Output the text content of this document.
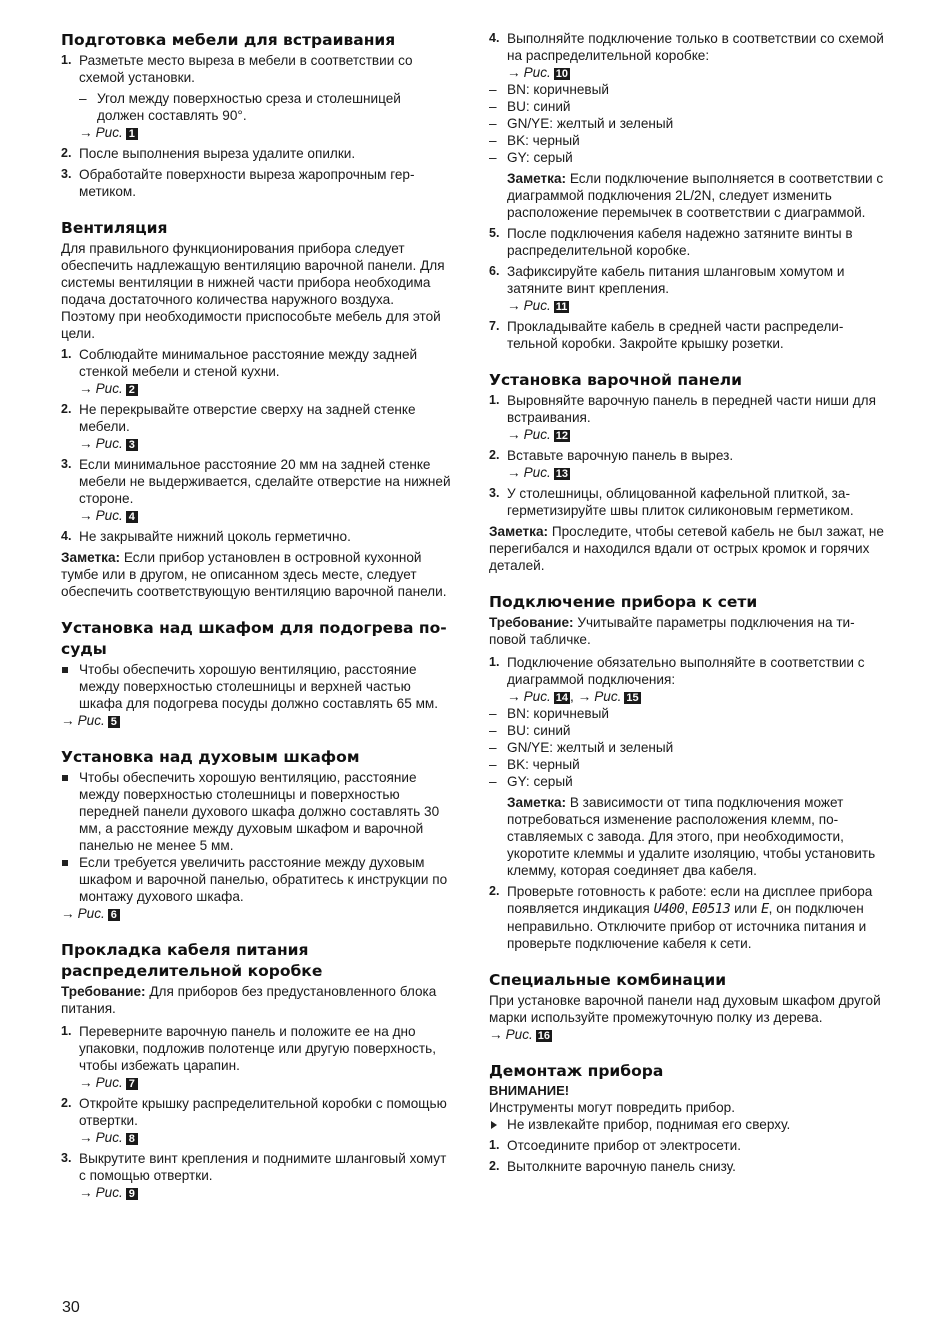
Подготовка мебели для встраивания
1. Разметьте место выреза в мебели в соответствии со схемой установки.
– Угол между поверхностью среза и столешницей должен составлять 90°.
→ Рис. 1
2. После выполнения выреза удалите опилки.
3. Обработайте поверхности выреза жаропрочным герметиком.
Вентиляция

Для правильного функционирования прибора следует обеспечить надлежащую вентиляцию варочной панели. Для системы вентиляции в нижней части прибора необходима подача достаточного количества наружного воздуха. Поэтому при необходимости приспособьте мебель для этой цели.

1. Соблюдайте минимальное расстояние между задней стенкой мебели и стеной кухни.
→ Рис. 2
2. Не перекрывайте отверстие сверху на задней стенке мебели.
→ Рис. 3
3. Если минимальное расстояние 20 мм на задней стенке мебели не выдерживается, сделайте отверстие на нижней стороне.
→ Рис. 4
4. Не закрывайте нижний цоколь герметично.

Заметка: Если прибор установлен в островной кухонной тумбе или в другом, не описанном здесь месте, следует обеспечить соответствующую вентиляцию варочной панели.

Установка над шкафом для подогрева посуды
Чтобы обеспечить хорошую вентиляцию, расстояние между поверхностью столешницы и верхней частью шкафа для подогрева посуды должно составлять 65 мм.
→ Рис. 5
Установка над духовым шкафом
Чтобы обеспечить хорошую вентиляцию, расстояние между поверхностью столешницы и поверхностью передней панели духового шкафа должно составлять 30 мм, а расстояние между духовым шкафом и варочной панелью не менее 5 мм.
Если требуется увеличить расстояние между духовым шкафом и варочной панелью, обратитесь к инструкции по монтажу духового шкафа.
→ Рис. 6
Прокладка кабеля питания распределительной коробке

Требование: Для приборов без предустановленного блока питания.

1. Переверните варочную панель и положите ее на дно упаковки, подложив полотенце или другую поверхность, чтобы избежать царапин.
→ Рис. 7
2. Откройте крышку распределительной коробки с помощью отвертки.
→ Рис. 8
3. Выкрутите винт крепления и поднимите шланговый хомут с помощью отвертки.
→ Рис. 9
4. Выполняйте подключение только в соответствии со схемой на распределительной коробке:
→ Рис. 10
– BN: коричневый
– BU: синий
– GN/YE: желтый и зеленый
– BK: черный
– GY: серый

Заметка: Если подключение выполняется в соответствии с диаграммой подключения 2L/2N, следует изменить расположение перемычек в соответствии с диаграммой.

5. После подключения кабеля надежно затяните винты в распределительной коробке.
6. Зафиксируйте кабель питания шланговым хомутом и затяните винт крепления.
→ Рис. 11
7. Прокладывайте кабель в средней части распределительной коробки. Закройте крышку розетки.
Установка варочной панели
1. Выровняйте варочную панель в передней части ниши для встраивания.
→ Рис. 12
2. Вставьте варочную панель в вырез.
→ Рис. 13
3. У столешницы, облицованной кафельной плиткой, загерметизируйте швы плиток силиконовым герметиком.

Заметка: Проследите, чтобы сетевой кабель не был зажат, не перегибался и находился вдали от острых кромок и горячих деталей.

Подключение прибора к сети

Требование: Учитывайте параметры подключения на типовой табличке.

1. Подключение обязательно выполняйте в соответствии с диаграммой подключения:
→ Рис. 14 , → Рис. 15
– BN: коричневый
– BU: синий
– GN/YE: желтый и зеленый
– BK: черный
– GY: серый

Заметка: В зависимости от типа подключения может потребоваться изменение расположения клемм, поставляемых с завода. Для этого, при необходимости, укоротите клеммы и удалите изоляцию, чтобы установить клемму, которая соединяет два кабеля.

2. Проверьте готовность к работе: если на дисплее прибора появляется индикация U400, E0513 или E, он подключен неправильно. Отключите прибор от источника питания и проверьте подключение кабеля к сети.
Специальные комбинации

При установке варочной панели над духовым шкафом другой марки используйте промежуточную полку из дерева.

→ Рис. 16
Демонтаж прибора

ВНИМАНИЕ!

Инструменты могут повредить прибор.

Не извлекайте прибор, поднимая его сверху.
1. Отсоедините прибор от электросети.
2. Вытолкните варочную панель снизу.
30
